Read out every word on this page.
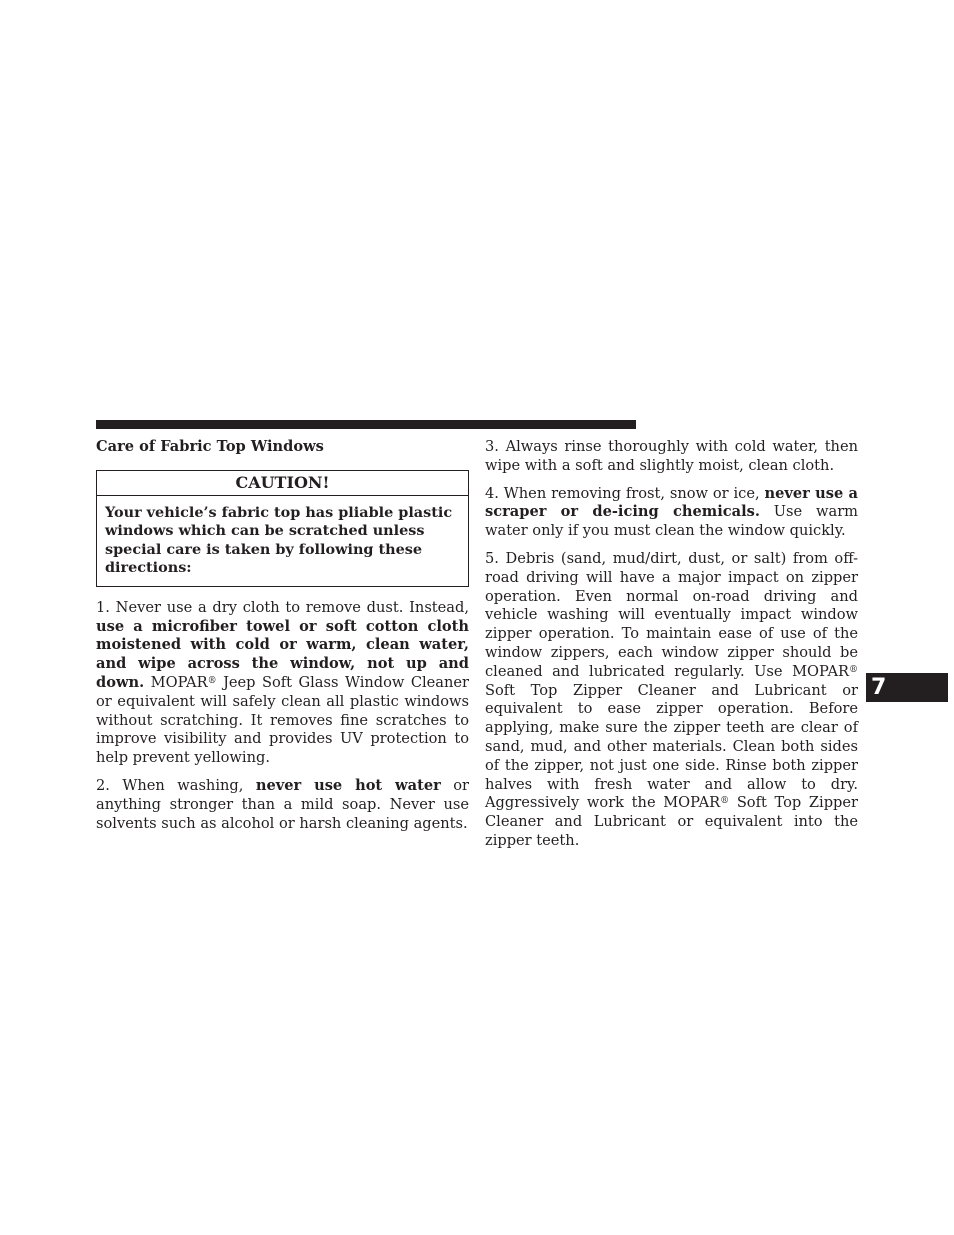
Care of Fabric Top Windows
CAUTION!
Your vehicle’s fabric top has pliable plastic windows which can be scratched unless special care is taken by following these directions:

1. Never use a dry cloth to remove dust. Instead, use a microfiber towel or soft cotton cloth moistened with cold or warm, clean water, and wipe across the window, not up and down. MOPAR® Jeep Soft Glass Window Cleaner or equivalent will safely clean all plastic windows without scratching. It removes fine scratches to improve visibility and provides UV protection to help prevent yellowing.

2. When washing, never use hot water or anything stronger than a mild soap. Never use solvents such as alcohol or harsh cleaning agents.

3. Always rinse thoroughly with cold water, then wipe with a soft and slightly moist, clean cloth.

4. When removing frost, snow or ice, never use a scraper or de-icing chemicals. Use warm water only if you must clean the window quickly.

5. Debris (sand, mud/dirt, dust, or salt) from off-road driving will have a major impact on zipper operation. Even normal on-road driving and vehicle washing will eventually impact window zipper operation. To maintain ease of use of the window zippers, each window zipper should be cleaned and lubricated regularly. Use MOPAR® Soft Top Zipper Cleaner and Lubricant or equivalent to ease zipper operation. Before applying, make sure the zipper teeth are clear of sand, mud, and other materials. Clean both sides of the zipper, not just one side. Rinse both zipper halves with fresh water and allow to dry. Aggressively work the MOPAR® Soft Top Zipper Cleaner and Lubricant or equivalent into the zipper teeth.

7
